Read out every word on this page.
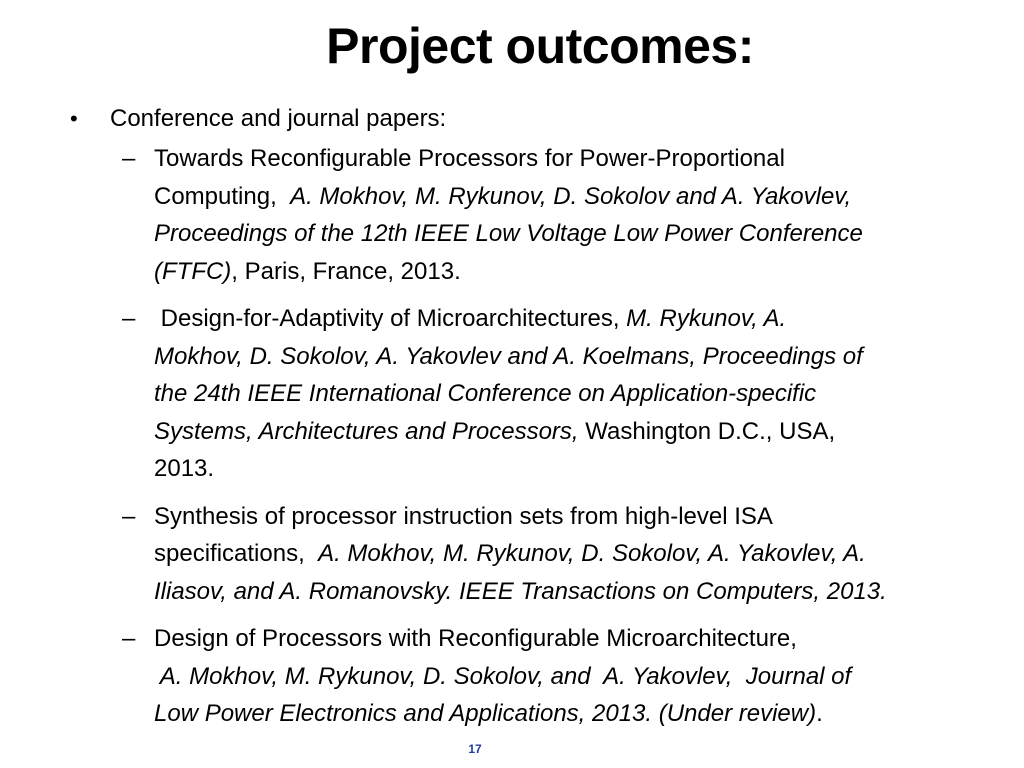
Project outcomes:
• Conference and journal papers:
– Towards Reconfigurable Processors for Power-Proportional
Computing,  A. Mokhov, M. Rykunov, D. Sokolov and A. Yakovlev,
Proceedings of the 12th IEEE Low Voltage Low Power Conference
(FTFC), Paris, France, 2013.
– Design-for-Adaptivity of Microarchitectures, M. Rykunov, A.
Mokhov, D. Sokolov, A. Yakovlev and A. Koelmans, Proceedings of
the 24th IEEE International Conference on Application-specific
Systems, Architectures and Processors, Washington D.C., USA,
2013.
– Synthesis of processor instruction sets from high-level ISA
specifications,  A. Mokhov, M. Rykunov, D. Sokolov, A. Yakovlev, A.
Iliasov, and A. Romanovsky. IEEE Transactions on Computers, 2013.
– Design of Processors with Reconfigurable Microarchitecture,
A. Mokhov, M. Rykunov, D. Sokolov, and  A. Yakovlev,  Journal of
Low Power Electronics and Applications, 2013. (Under review).
17
